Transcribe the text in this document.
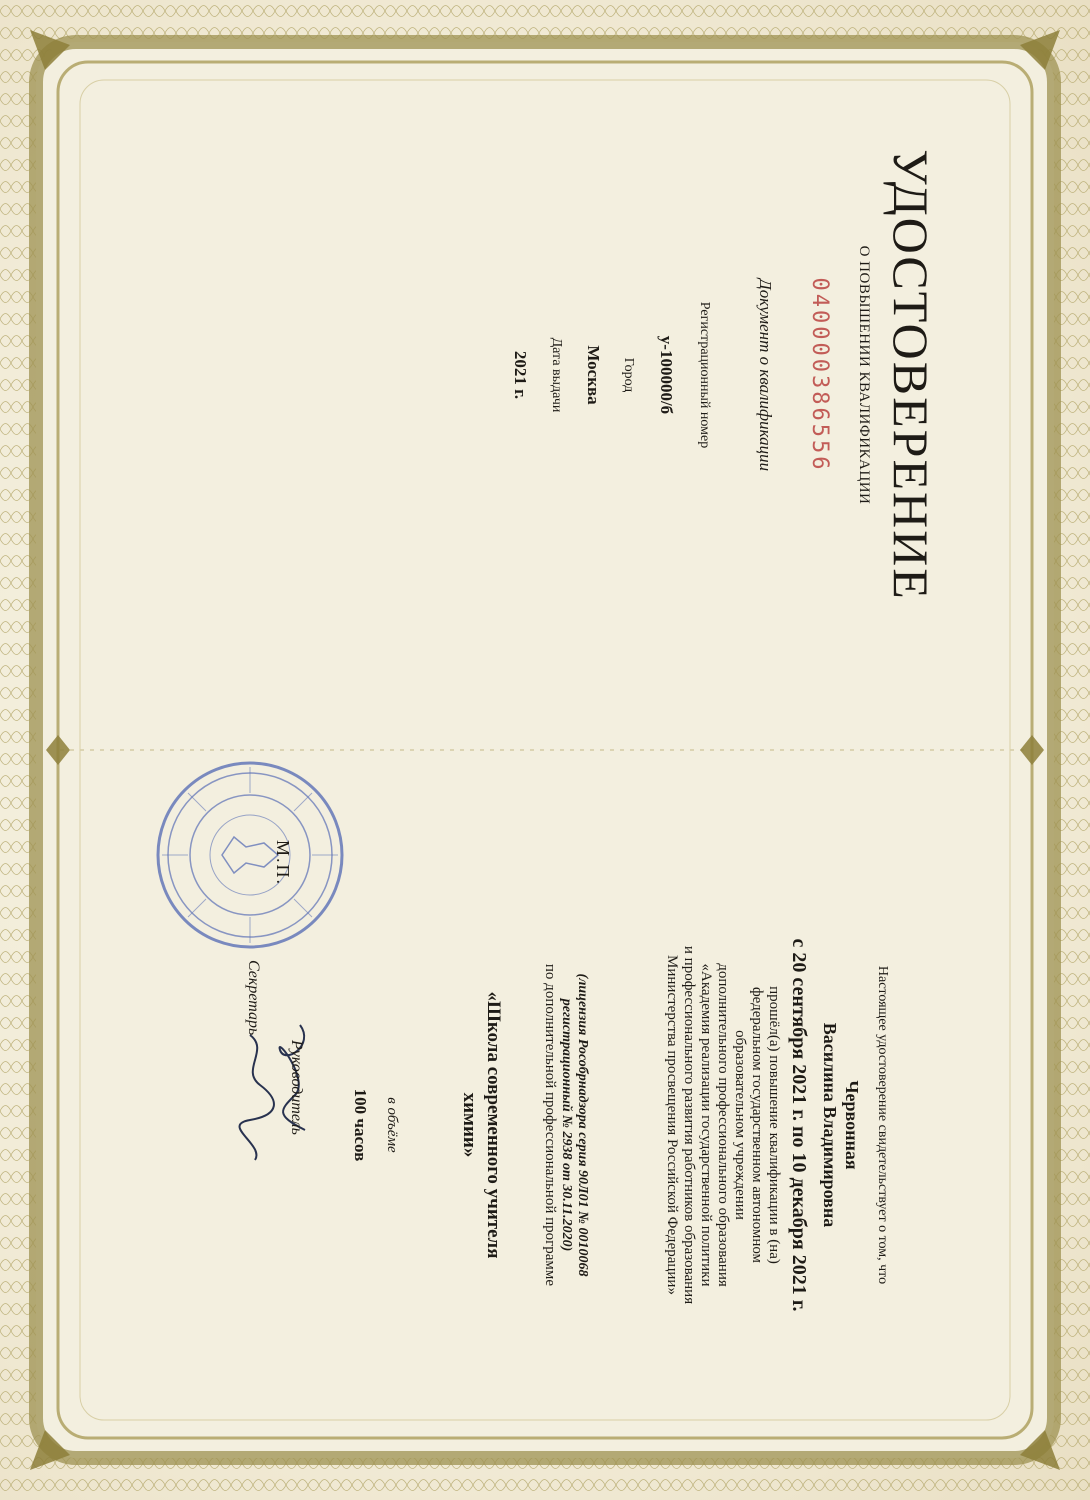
УДОСТОВЕРЕНИЕ
О ПОВЫШЕНИИ КВАЛИФИКАЦИИ
040000386556
Документ о квалификации
Регистрационный номер
у-100000/б
Город
Москва
Дата выдачи
2021 г.
Настоящее удостоверение свидетельствует о том, что
Червонная
Василина Владимировна
с 20 сентября 2021 г. по 10 декабря 2021 г.
прошёл(а) повышение квалификации в (на)
федеральном государственном автономном
образовательном учреждении
дополнительного профессионального образования
«Академия реализации государственной политики
и профессионального развития работников образования
Министерства просвещения Российской Федерации»
(лицензия Рособрнадзора серия 90Л01 № 0010068
регистрационный № 2938 от 30.11.2020)
по дополнительной профессиональной программе
«Школа современного учителя
химии»
в объёме
100 часов
М.П.
Руководитель
Секретарь
